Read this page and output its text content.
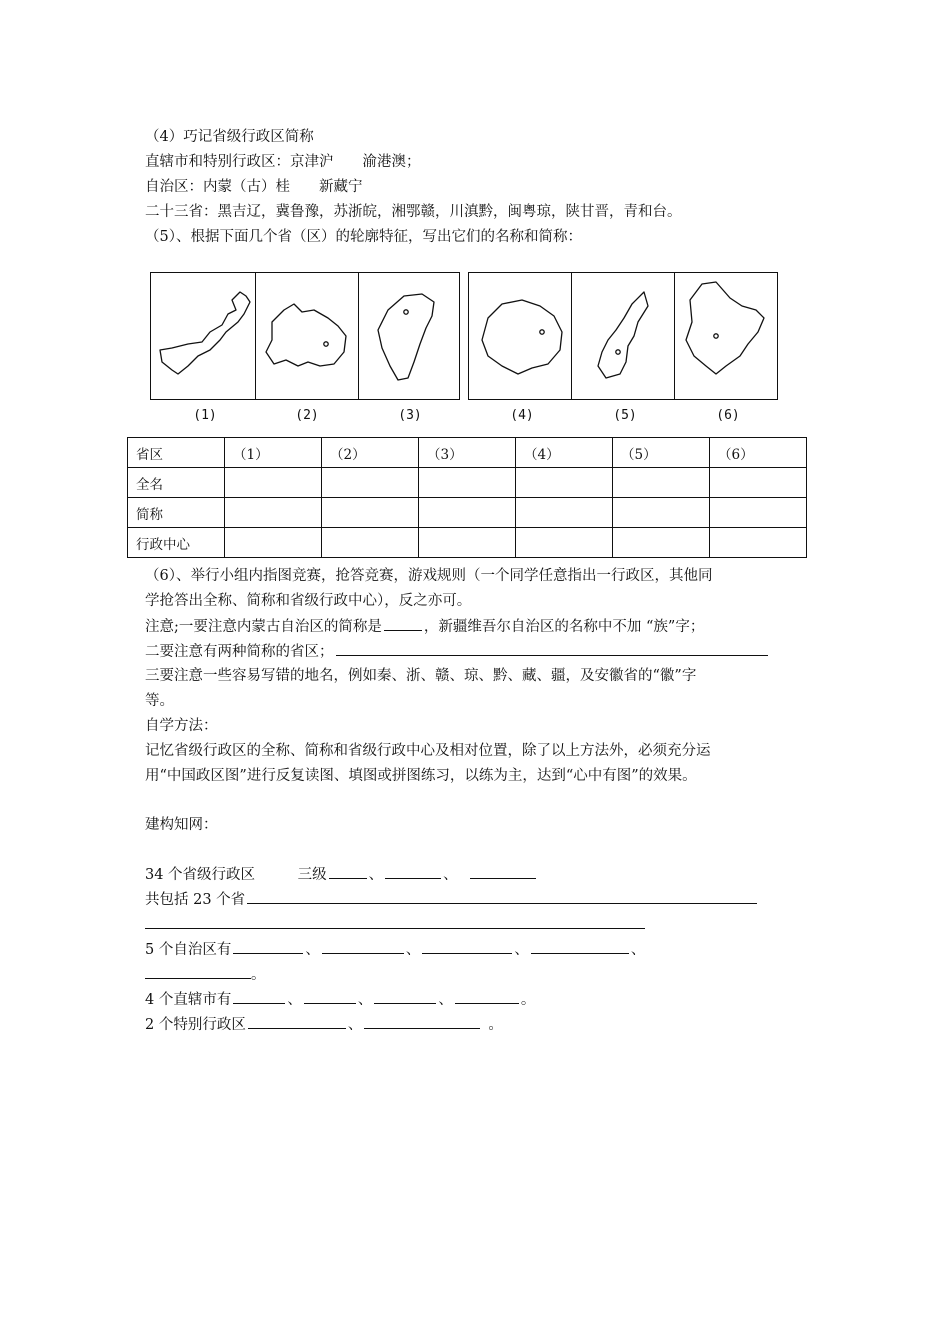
（4）巧记省级行政区简称
直辖市和特别行政区：京津沪　　渝港澳；
自治区：内蒙（古）桂　　新藏宁
二十三省：黑吉辽，冀鲁豫，苏浙皖，湘鄂赣，川滇黔，闽粤琼，陕甘晋，青和台。
（5）、根据下面几个省（区）的轮廓特征，写出它们的名称和简称：
(1)	(2)	(3)	(4)	(5)	(6)
省区	（1）	（2）	（3）	（4）	（5）	（6）
全名						
简称						
行政中心						
（6）、举行小组内指图竞赛，抢答竞赛，游戏规则（一个同学任意指出一行政区，其他同
学抢答出全称、简称和省级行政中心），反之亦可。
注意;一要注意内蒙古自治区的简称是	，新疆维吾尔自治区的名称中不加 “族”字；
二要注意有两种简称的省区；
三要注意一些容易写错的地名，例如秦、浙、赣、琼、黔、藏、疆，及安徽省的“徽”字
等。
自学方法：
记忆省级行政区的全称、简称和省级行政中心及相对位置，除了以上方法外，必须充分运
用“中国政区图”进行反复读图、填图或拼图练习，以练为主，达到“心中有图”的效果。
建构知网：
34 个省级行政区	三级	、	、
共包括 23 个省
5 个自治区有	、	、	、	、
。
4 个直辖市有	、	、	、	。
2 个特别行政区	、	。
